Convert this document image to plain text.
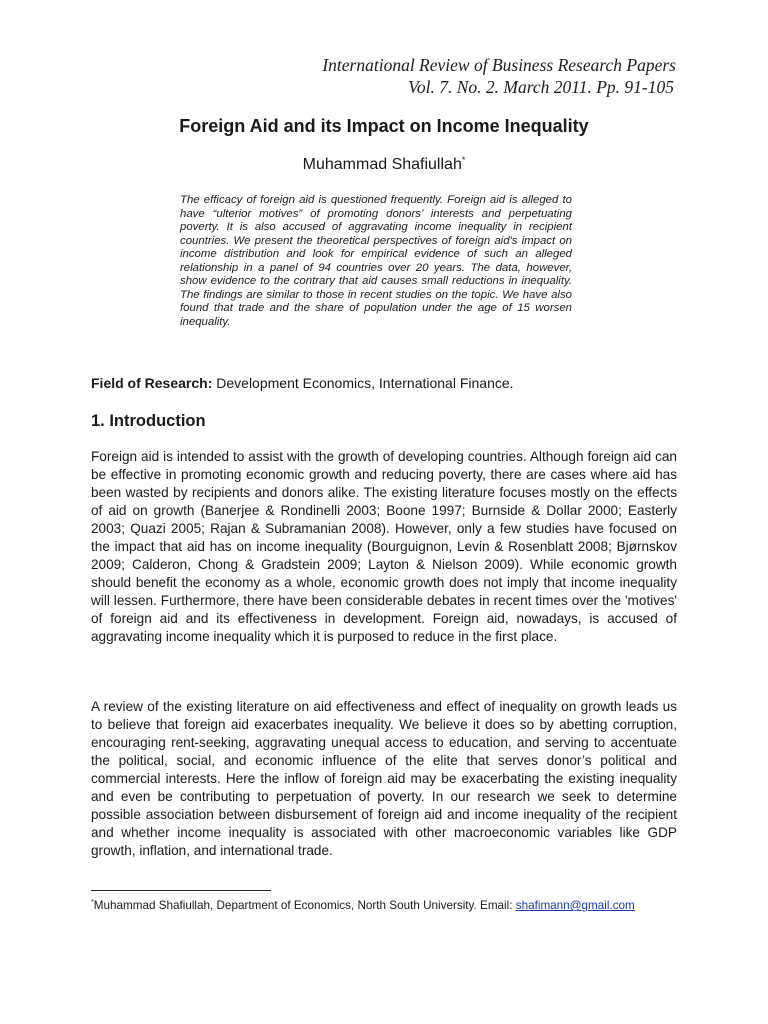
International Review of Business Research Papers
Vol. 7. No. 2. March 2011. Pp. 91-105
Foreign Aid and its Impact on Income Inequality
Muhammad Shafiullah*
The efficacy of foreign aid is questioned frequently. Foreign aid is alleged to have “ulterior motives” of promoting donors’ interests and perpetuating poverty. It is also accused of aggravating income inequality in recipient countries. We present the theoretical perspectives of foreign aid's impact on income distribution and look for empirical evidence of such an alleged relationship in a panel of 94 countries over 20 years. The data, however, show evidence to the contrary that aid causes small reductions in inequality. The findings are similar to those in recent studies on the topic. We have also found that trade and the share of population under the age of 15 worsen inequality.
Field of Research: Development Economics, International Finance.
1. Introduction
Foreign aid is intended to assist with the growth of developing countries. Although foreign aid can be effective in promoting economic growth and reducing poverty, there are cases where aid has been wasted by recipients and donors alike. The existing literature focuses mostly on the effects of aid on growth (Banerjee & Rondinelli 2003; Boone 1997; Burnside & Dollar 2000; Easterly 2003; Quazi 2005; Rajan & Subramanian 2008). However, only a few studies have focused on the impact that aid has on income inequality (Bourguignon, Levin & Rosenblatt 2008; Bjørnskov 2009; Calderon, Chong & Gradstein 2009; Layton & Nielson 2009). While economic growth should benefit the economy as a whole, economic growth does not imply that income inequality will lessen. Furthermore, there have been considerable debates in recent times over the 'motives' of foreign aid and its effectiveness in development. Foreign aid, nowadays, is accused of aggravating income inequality which it is purposed to reduce in the first place.
A review of the existing literature on aid effectiveness and effect of inequality on growth leads us to believe that foreign aid exacerbates inequality. We believe it does so by abetting corruption, encouraging rent-seeking, aggravating unequal access to education, and serving to accentuate the political, social, and economic influence of the elite that serves donor’s political and commercial interests. Here the inflow of foreign aid may be exacerbating the existing inequality and even be contributing to perpetuation of poverty. In our research we seek to determine possible association between disbursement of foreign aid and income inequality of the recipient and whether income inequality is associated with other macroeconomic variables like GDP growth, inflation, and international trade.
*Muhammad Shafiullah, Department of Economics, North South University. Email: shafimann@gmail.com
